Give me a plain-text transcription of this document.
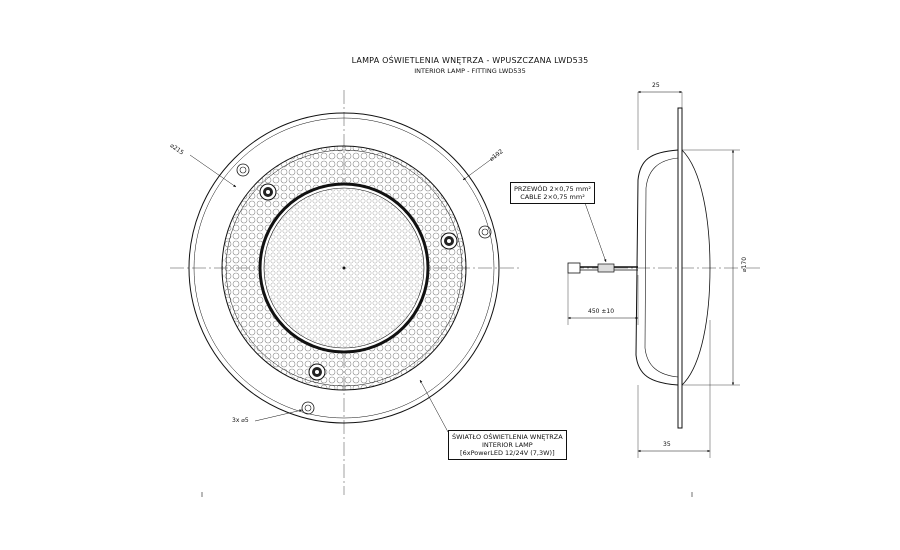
LAMPA OŚWIETLENIA WNĘTRZA - WPUSZCZANA LWD535
INTERIOR LAMP - FITTING LWD535
⌀215	⌀192
3x ⌀5
25
35
⌀170
450 ±10
PRZEWÓD 2×0,75 mm²
CABLE 2×0,75 mm²
ŚWIATŁO OŚWIETLENIA WNĘTRZA
INTERIOR LAMP
[6xPowerLED 12/24V (7,3W)]
